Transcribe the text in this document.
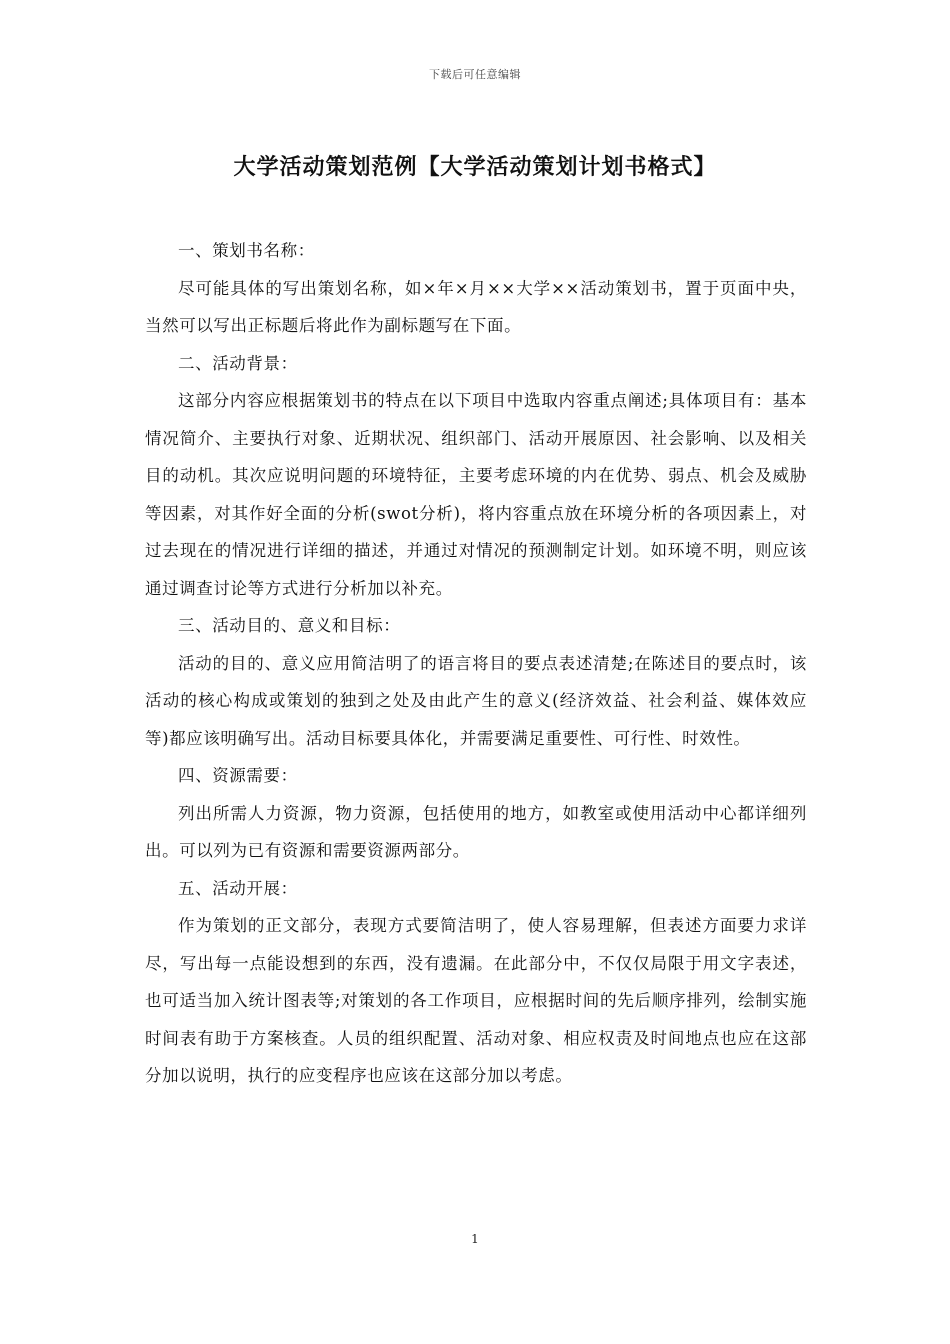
下载后可任意编辑
大学活动策划范例【大学活动策划计划书格式】

一、策划书名称：

尽可能具体的写出策划名称，如×年×月××大学××活动策划书，置于页面中央，当然可以写出正标题后将此作为副标题写在下面。

二、活动背景：

这部分内容应根据策划书的特点在以下项目中选取内容重点阐述;具体项目有：基本情况简介、主要执行对象、近期状况、组织部门、活动开展原因、社会影响、以及相关目的动机。其次应说明问题的环境特征，主要考虑环境的内在优势、弱点、机会及威胁等因素，对其作好全面的分析(swot分析)，将内容重点放在环境分析的各项因素上，对过去现在的情况进行详细的描述，并通过对情况的预测制定计划。如环境不明，则应该通过调查讨论等方式进行分析加以补充。

三、活动目的、意义和目标：

活动的目的、意义应用简洁明了的语言将目的要点表述清楚;在陈述目的要点时，该活动的核心构成或策划的独到之处及由此产生的意义(经济效益、社会利益、媒体效应等)都应该明确写出。活动目标要具体化，并需要满足重要性、可行性、时效性。

四、资源需要：

列出所需人力资源，物力资源，包括使用的地方，如教室或使用活动中心都详细列出。可以列为已有资源和需要资源两部分。

五、活动开展：

作为策划的正文部分，表现方式要简洁明了，使人容易理解，但表述方面要力求详尽，写出每一点能设想到的东西，没有遗漏。在此部分中，不仅仅局限于用文字表述，也可适当加入统计图表等;对策划的各工作项目，应根据时间的先后顺序排列，绘制实施时间表有助于方案核查。人员的组织配置、活动对象、相应权责及时间地点也应在这部分加以说明，执行的应变程序也应该在这部分加以考虑。

1
